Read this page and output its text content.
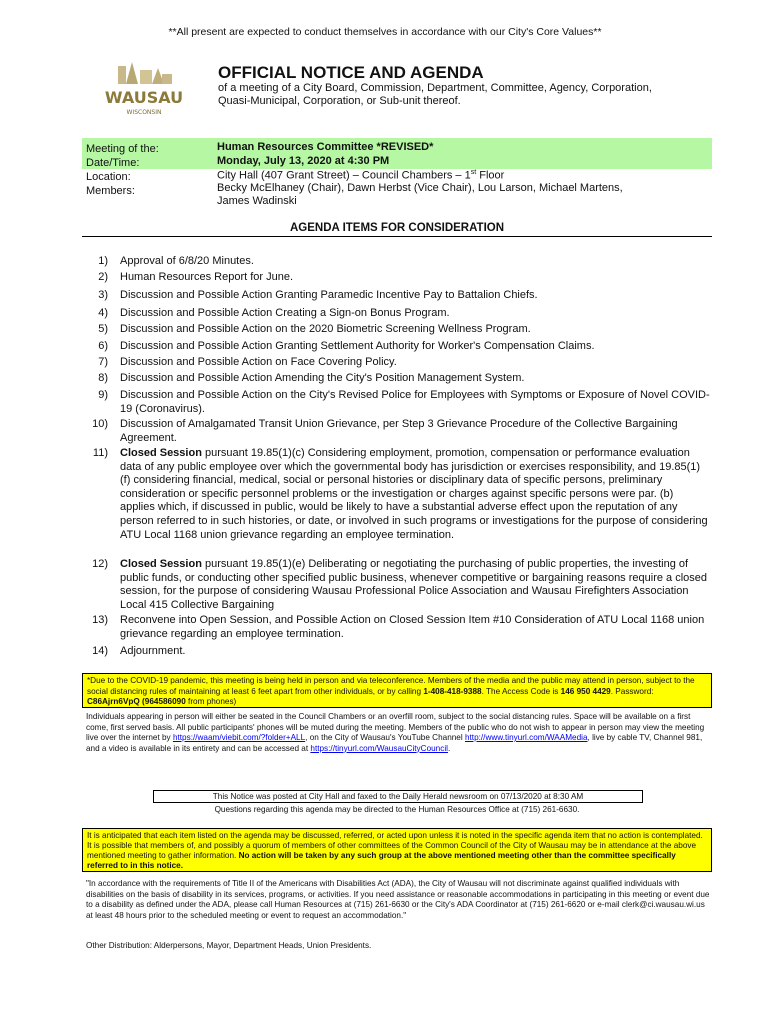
**All present are expected to conduct themselves in accordance with our City's Core Values**
WAUSAU
WISCONSIN
OFFICIAL NOTICE AND AGENDA
of a meeting of a City Board, Commission, Department, Committee, Agency, Corporation, Quasi-Municipal, Corporation, or Sub-unit thereof.
Meeting of the:
Date/Time:
Location:
Members:
Human Resources Committee *REVISED*
Monday, July 13, 2020 at 4:30 PM
City Hall (407 Grant Street) – Council Chambers – 1st Floor
Becky McElhaney (Chair), Dawn Herbst (Vice Chair), Lou Larson, Michael Martens,
James Wadinski
AGENDA ITEMS FOR CONSIDERATION
1) Approval of 6/8/20 Minutes.
2) Human Resources Report for June.
3) Discussion and Possible Action Granting Paramedic Incentive Pay to Battalion Chiefs.
4) Discussion and Possible Action Creating a Sign-on Bonus Program.
5) Discussion and Possible Action on the 2020 Biometric Screening Wellness Program.
6) Discussion and Possible Action Granting Settlement Authority for Worker's Compensation Claims.
7) Discussion and Possible Action on Face Covering Policy.
8) Discussion and Possible Action Amending the City's Position Management System.
9) Discussion and Possible Action on the City's Revised Police for Employees with Symptoms or Exposure of Novel COVID-19 (Coronavirus).
10) Discussion of Amalgamated Transit Union Grievance, per Step 3 Grievance Procedure of the Collective Bargaining Agreement.
11) Closed Session pursuant 19.85(1)(c) Considering employment, promotion, compensation or performance evaluation data of any public employee over which the governmental body has jurisdiction or exercises responsibility, and 19.85(1)(f) considering financial, medical, social or personal histories or disciplinary data of specific persons, preliminary consideration or specific personnel problems or the investigation or charges against specific persons were par. (b) applies which, if discussed in public, would be likely to have a substantial adverse effect upon the reputation of any person referred to in such histories, or date, or involved in such programs or investigations for the purpose of considering ATU Local 1168 union grievance regarding an employee termination.
12) Closed Session pursuant 19.85(1)(e) Deliberating or negotiating the purchasing of public properties, the investing of public funds, or conducting other specified public business, whenever competitive or bargaining reasons require a closed session, for the purpose of considering Wausau Professional Police Association and Wausau Firefighters Association Local 415 Collective Bargaining
13) Reconvene into Open Session, and Possible Action on Closed Session Item #10 Consideration of ATU Local 1168 union grievance regarding an employee termination.
14) Adjournment.
*Due to the COVID-19 pandemic, this meeting is being held in person and via teleconference. Members of the media and the public may attend in person, subject to the social distancing rules of maintaining at least 6 feet apart from other individuals, or by calling 1-408-418-9388. The Access Code is 146 950 4429. Password: C86Ajrn6VpQ (964586090 from phones)
Individuals appearing in person will either be seated in the Council Chambers or an overfill room, subject to the social distancing rules. Space will be available on a first come, first served basis. All public participants' phones will be muted during the meeting. Members of the public who do not wish to appear in person may view the meeting live over the internet by https://waam/viebit.com/?folder+ALL, on the City of Wausau's YouTube Channel http://www.tinyurl.com/WAAMedia, live by cable TV, Channel 981, and a video is available in its entirety and can be accessed at https://tinyurl.com/WausauCityCouncil.
This Notice was posted at City Hall and faxed to the Daily Herald newsroom on 07/13/2020 at 8:30 AM
Questions regarding this agenda may be directed to the Human Resources Office at (715) 261-6630.
It is anticipated that each item listed on the agenda may be discussed, referred, or acted upon unless it is noted in the specific agenda item that no action is contemplated. It is possible that members of, and possibly a quorum of members of other committees of the Common Council of the City of Wausau may be in attendance at the above mentioned meeting to gather information. No action will be taken by any such group at the above mentioned meeting other than the committee specifically referred to in this notice.
"In accordance with the requirements of Title II of the Americans with Disabilities Act (ADA), the City of Wausau will not discriminate against qualified individuals with disabilities on the basis of disability in its services, programs, or activities. If you need assistance or reasonable accommodations in participating in this meeting or event due to a disability as defined under the ADA, please call Human Resources at (715) 261-6630 or the City's ADA Coordinator at (715) 261-6620 or e-mail clerk@ci.wausau.wi.us at least 48 hours prior to the scheduled meeting or event to request an accommodation."
Other Distribution: Alderpersons, Mayor, Department Heads, Union Presidents.
